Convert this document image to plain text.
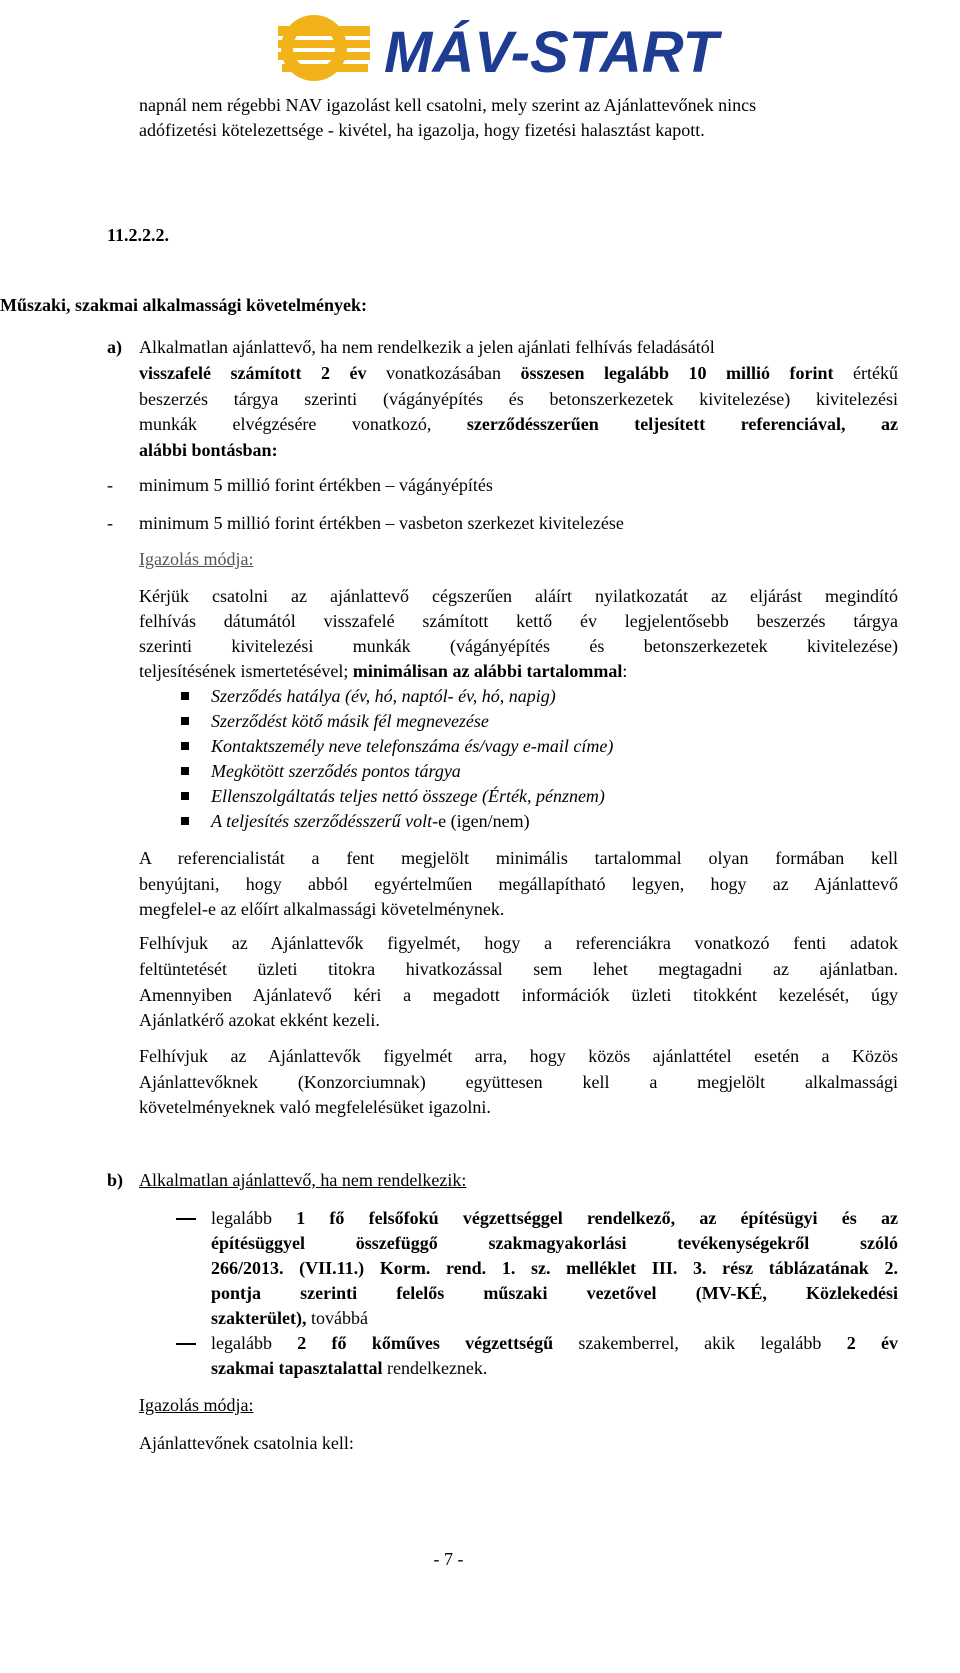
MÁV-START

napnál nem régebbi NAV igazolást kell csatolni, mely szerint az Ajánlattevőnek nincs

adófizetési kötelezettsége - kivétel, ha igazolja, hogy fizetési halasztást kapott.

11.2.2.2.

Műszaki, szakmai alkalmassági követelmények:

a) Alkalmatlan ajánlattevő, ha nem rendelkezik a jelen ajánlati felhívás feladásától

visszafelé számított 2 év vonatkozásában összesen legalább 10 millió forint értékű

beszerzés tárgya szerinti (vágányépítés és betonszerkezetek kivitelezése) kivitelezési

munkák elvégzésére vonatkozó, szerződésszerűen teljesített referenciával, az

alábbi bontásban:

- minimum 5 millió forint értékben – vágányépítés

- minimum 5 millió forint értékben – vasbeton szerkezet kivitelezése

Igazolás módja:

Kérjük csatolni az ajánlattevő cégszerűen aláírt nyilatkozatát az eljárást megindító

felhívás dátumától visszafelé számított kettő év legjelentősebb beszerzés tárgya

szerinti kivitelezési munkák (vágányépítés és betonszerkezetek kivitelezése)

teljesítésének ismertetésével; minimálisan az alábbi tartalommal:

Szerződés hatálya (év, hó, naptól- év, hó, napig)

Szerződést kötő másik fél megnevezése

Kontaktszemély neve telefonszáma és/vagy e-mail címe)

Megkötött szerződés pontos tárgya

Ellenszolgáltatás teljes nettó összege (Érték, pénznem)

A teljesítés szerződésszerű volt-e (igen/nem)

A referencialistát a fent megjelölt minimális tartalommal olyan formában kell

benyújtani, hogy abból egyértelműen megállapítható legyen, hogy az Ajánlattevő

megfelel-e az előírt alkalmassági követelménynek.

Felhívjuk az Ajánlattevők figyelmét, hogy a referenciákra vonatkozó fenti adatok

feltüntetését üzleti titokra hivatkozással sem lehet megtagadni az ajánlatban.

Amennyiben Ajánlatevő kéri a megadott információk üzleti titokként kezelését, úgy

Ajánlatkérő azokat ekként kezeli.

Felhívjuk az Ajánlattevők figyelmét arra, hogy közös ajánlattétel esetén a Közös

Ajánlattevőknek (Konzorciumnak) együttesen kell a megjelölt alkalmassági

követelményeknek való megfelelésüket igazolni.

b) Alkalmatlan ajánlattevő, ha nem rendelkezik:

legalább 1 fő felsőfokú végzettséggel rendelkező, az építésügyi és az

építésüggyel összefüggő szakmagyakorlási tevékenységekről szóló

266/2013. (VII.11.) Korm. rend. 1. sz. melléklet III. 3. rész táblázatának 2.

pontja szerinti felelős műszaki vezetővel (MV-KÉ, Közlekedési

szakterület), továbbá

legalább 2 fő kőműves végzettségű szakemberrel, akik legalább 2 év

szakmai tapasztalattal rendelkeznek.

Igazolás módja:

Ajánlattevőnek csatolnia kell:

- 7 -
